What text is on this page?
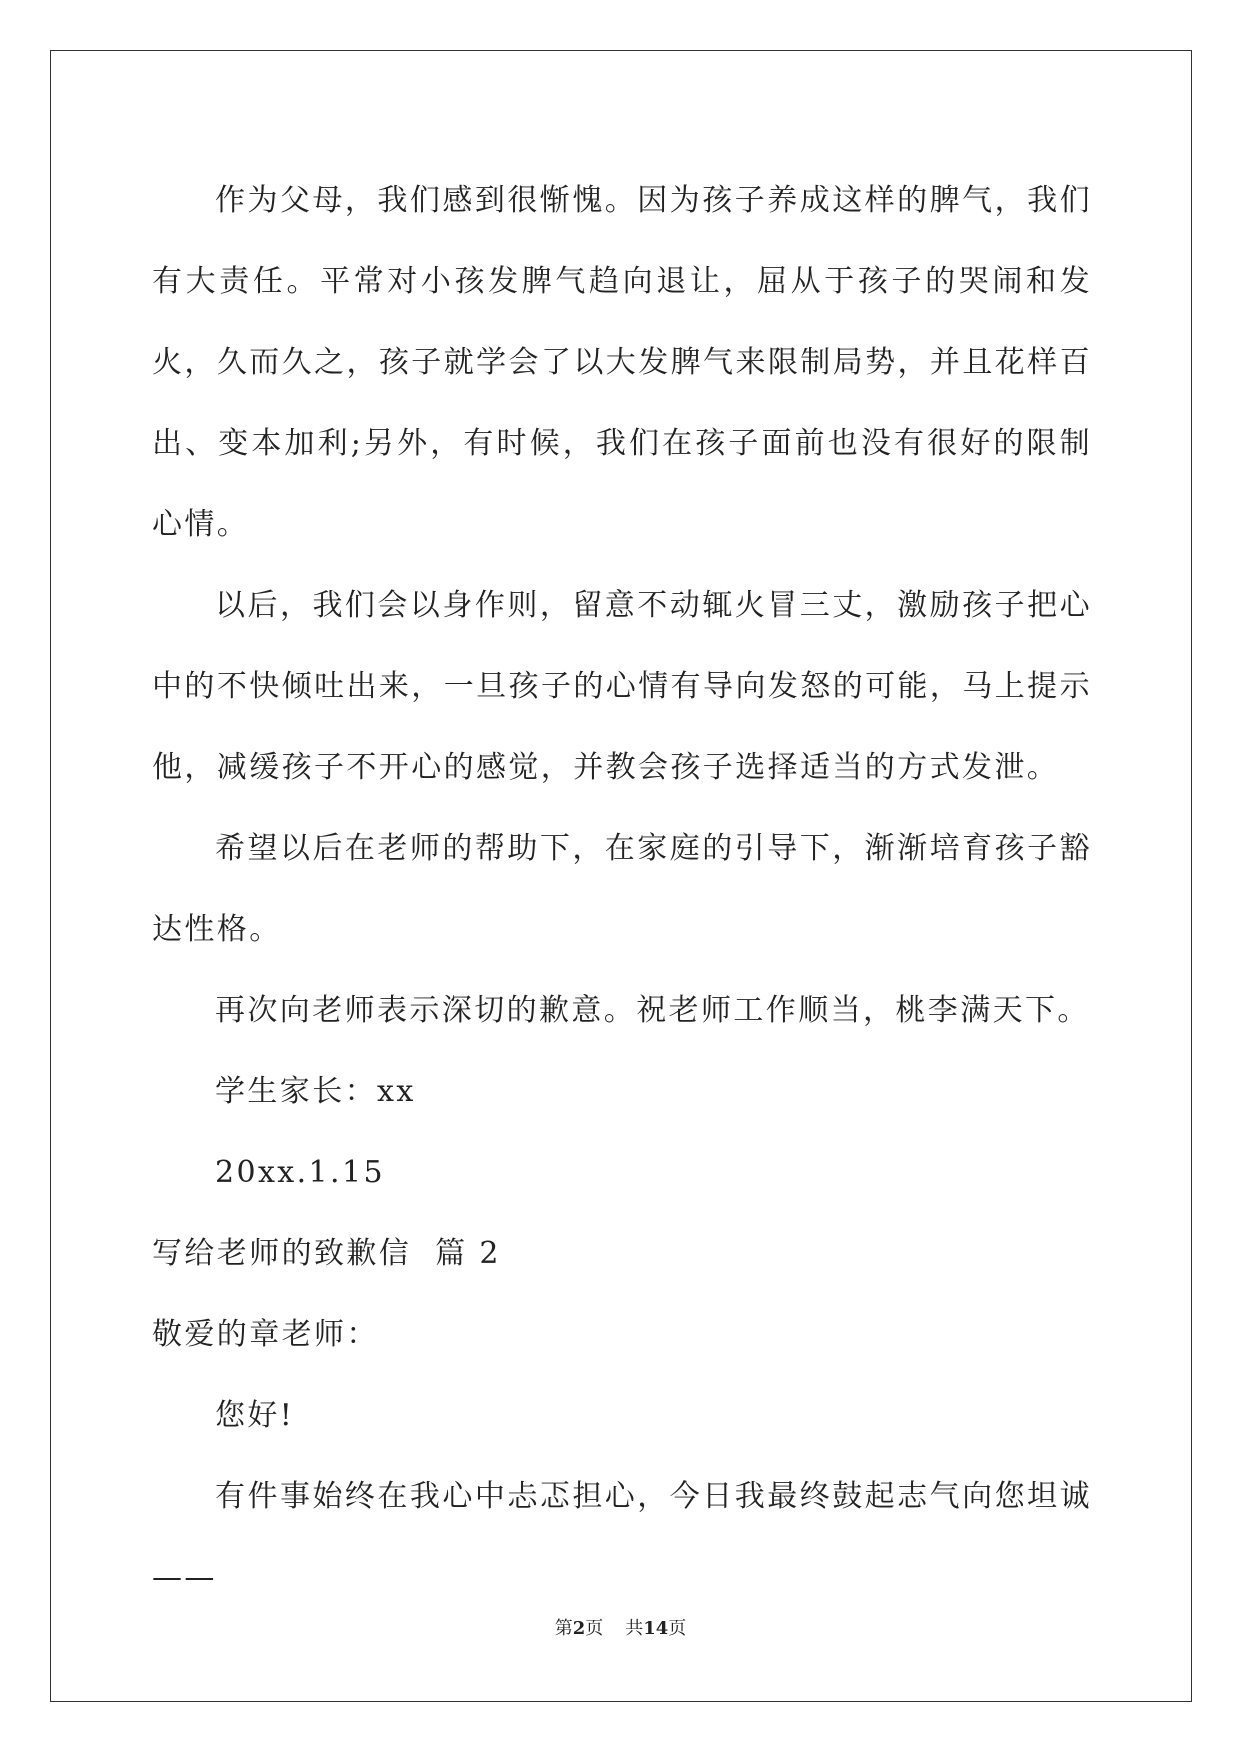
作为父母，我们感到很惭愧。因为孩子养成这样的脾气，我们有大责任。平常对小孩发脾气趋向退让，屈从于孩子的哭闹和发火，久而久之，孩子就学会了以大发脾气来限制局势，并且花样百出、变本加利;另外，有时候，我们在孩子面前也没有很好的限制心情。

以后，我们会以身作则，留意不动辄火冒三丈，激励孩子把心中的不快倾吐出来，一旦孩子的心情有导向发怒的可能，马上提示他，减缓孩子不开心的感觉，并教会孩子选择适当的方式发泄。

希望以后在老师的帮助下，在家庭的引导下，渐渐培育孩子豁达性格。

再次向老师表示深切的歉意。祝老师工作顺当，桃李满天下。

学生家长：xx

20xx.1.15

写给老师的致歉信  篇 2

敬爱的章老师：

您好!

有件事始终在我心中忐忑担心，今日我最终鼓起志气向您坦诚——

第2页 共14页
